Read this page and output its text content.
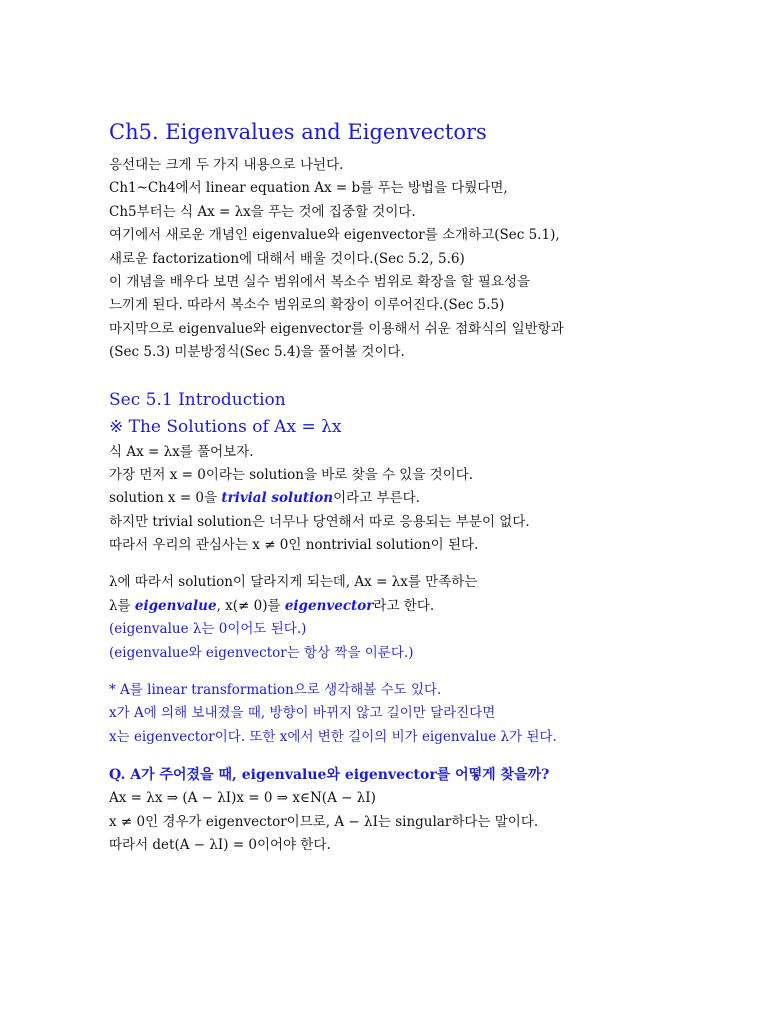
Ch5. Eigenvalues and Eigenvectors
응선대는 크게 두 가지 내용으로 나뉜다.
Ch1~Ch4에서 linear equation Ax = b를 푸는 방법을 다뤘다면,
Ch5부터는 식 Ax = λx을 푸는 것에 집중할 것이다.
여기에서 새로운 개념인 eigenvalue와 eigenvector를 소개하고(Sec 5.1),
새로운 factorization에 대해서 배울 것이다.(Sec 5.2, 5.6)
이 개념을 배우다 보면 실수 범위에서 복소수 범위로 확장을 할 필요성을
느끼게 된다. 따라서 복소수 범위로의 확장이 이루어진다.(Sec 5.5)
마지막으로 eigenvalue와 eigenvector를 이용해서 쉬운 점화식의 일반항과
(Sec 5.3) 미분방정식(Sec 5.4)을 풀어볼 것이다.
Sec 5.1 Introduction
※ The Solutions of Ax = λx
식 Ax = λx를 풀어보자.
가장 먼저 x = 0이라는 solution을 바로 찾을 수 있을 것이다.
solution x = 0을 trivial solution이라고 부른다.
하지만 trivial solution은 너무나 당연해서 따로 응용되는 부분이 없다.
따라서 우리의 관심사는 x ≠ 0인 nontrivial solution이 된다.
λ에 따라서 solution이 달라지게 되는데, Ax = λx를 만족하는
λ를 eigenvalue, x(≠ 0)를 eigenvector라고 한다.
(eigenvalue λ는 0이어도 된다.)
(eigenvalue와 eigenvector는 항상 짝을 이룬다.)
* A를 linear transformation으로 생각해볼 수도 있다.
x가 A에 의해 보내졌을 때, 방향이 바뀌지 않고 길이만 달라진다면
x는 eigenvector이다. 또한 x에서 변한 길이의 비가 eigenvalue λ가 된다.
Q. A가 주어졌을 때, eigenvalue와 eigenvector를 어떻게 찾을까?
Ax = λx ⇒ (A − λI)x = 0 ⇒ x∈N(A − λI)
x ≠ 0인 경우가 eigenvector이므로, A − λI는 singular하다는 말이다.
따라서 det(A − λI) = 0이어야 한다.
